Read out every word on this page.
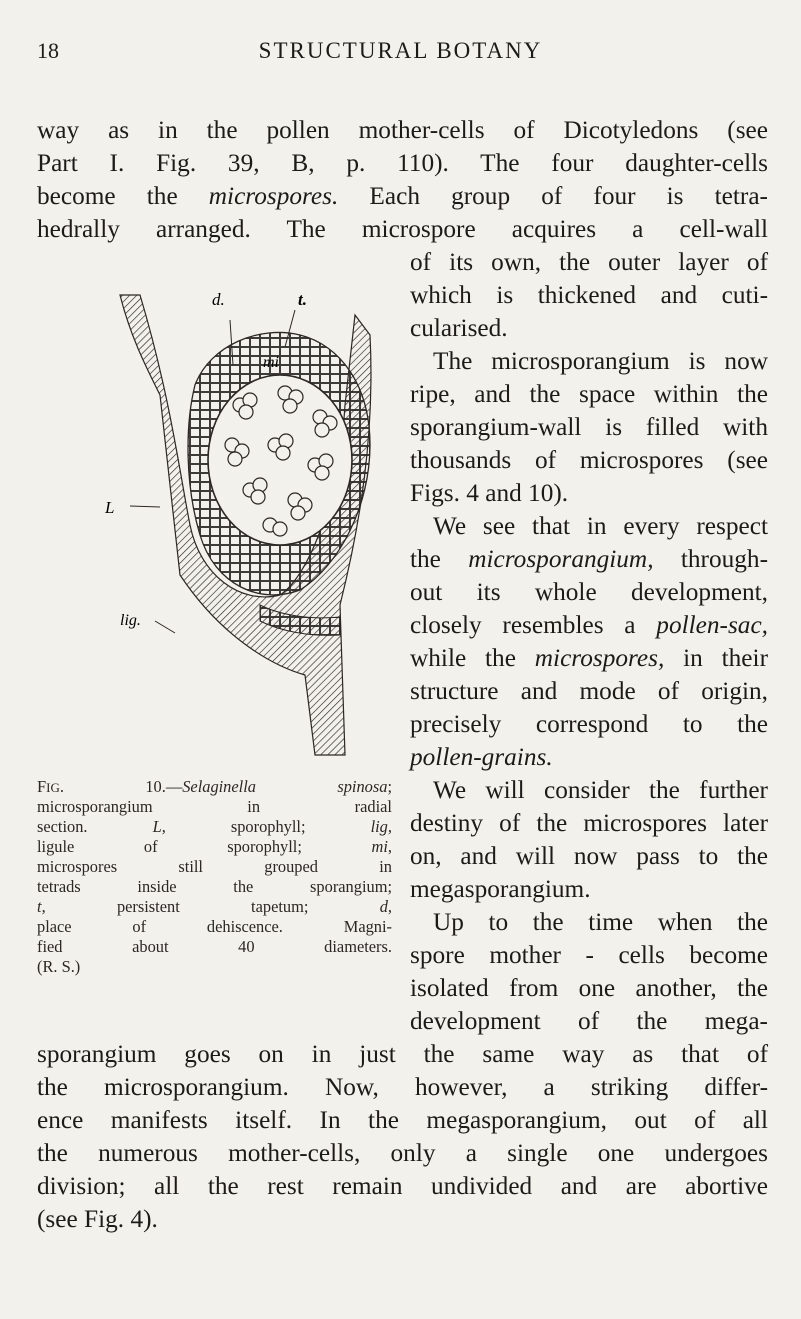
18	STRUCTURAL BOTANY
way as in the pollen mother-cells of Dicotyledons (see
Part I. Fig. 39, B, p. 110). The four daughter-cells
become the microspores. Each group of four is tetra-
hedrally arranged. The microspore acquires a cell-wall
of its own, the outer layer of
which is thickened and cuti-
cularised.
The microsporangium is now
ripe, and the space within the
sporangium-wall is filled with
thousands of microspores (see
Figs. 4 and 10).
We see that in every respect
the microsporangium, through-
out its whole development,
closely resembles a pollen-sac,
while the microspores, in their
structure and mode of origin,
precisely correspond to the
pollen-grains.
We will consider the further
destiny of the microspores later
on, and will now pass to the
megasporangium.
Up to the time when the
spore mother - cells become
isolated from one another, the
development of the mega-
sporangium goes on in just the same way as that of
the microsporangium. Now, however, a striking differ-
ence manifests itself. In the megasporangium, out of all
the numerous mother-cells, only a single one undergoes
division; all the rest remain undivided and are abortive
(see Fig. 4).
t.
d.
L
mi
lig.
FIG. 10.—Selaginella spinosa;
microsporangium in radial
section. L, sporophyll; lig,
ligule of sporophyll; mi,
microspores still grouped in
tetrads inside the sporangium;
t, persistent tapetum; d,
place of dehiscence. Magni-
fied about 40 diameters.
(R. S.)
